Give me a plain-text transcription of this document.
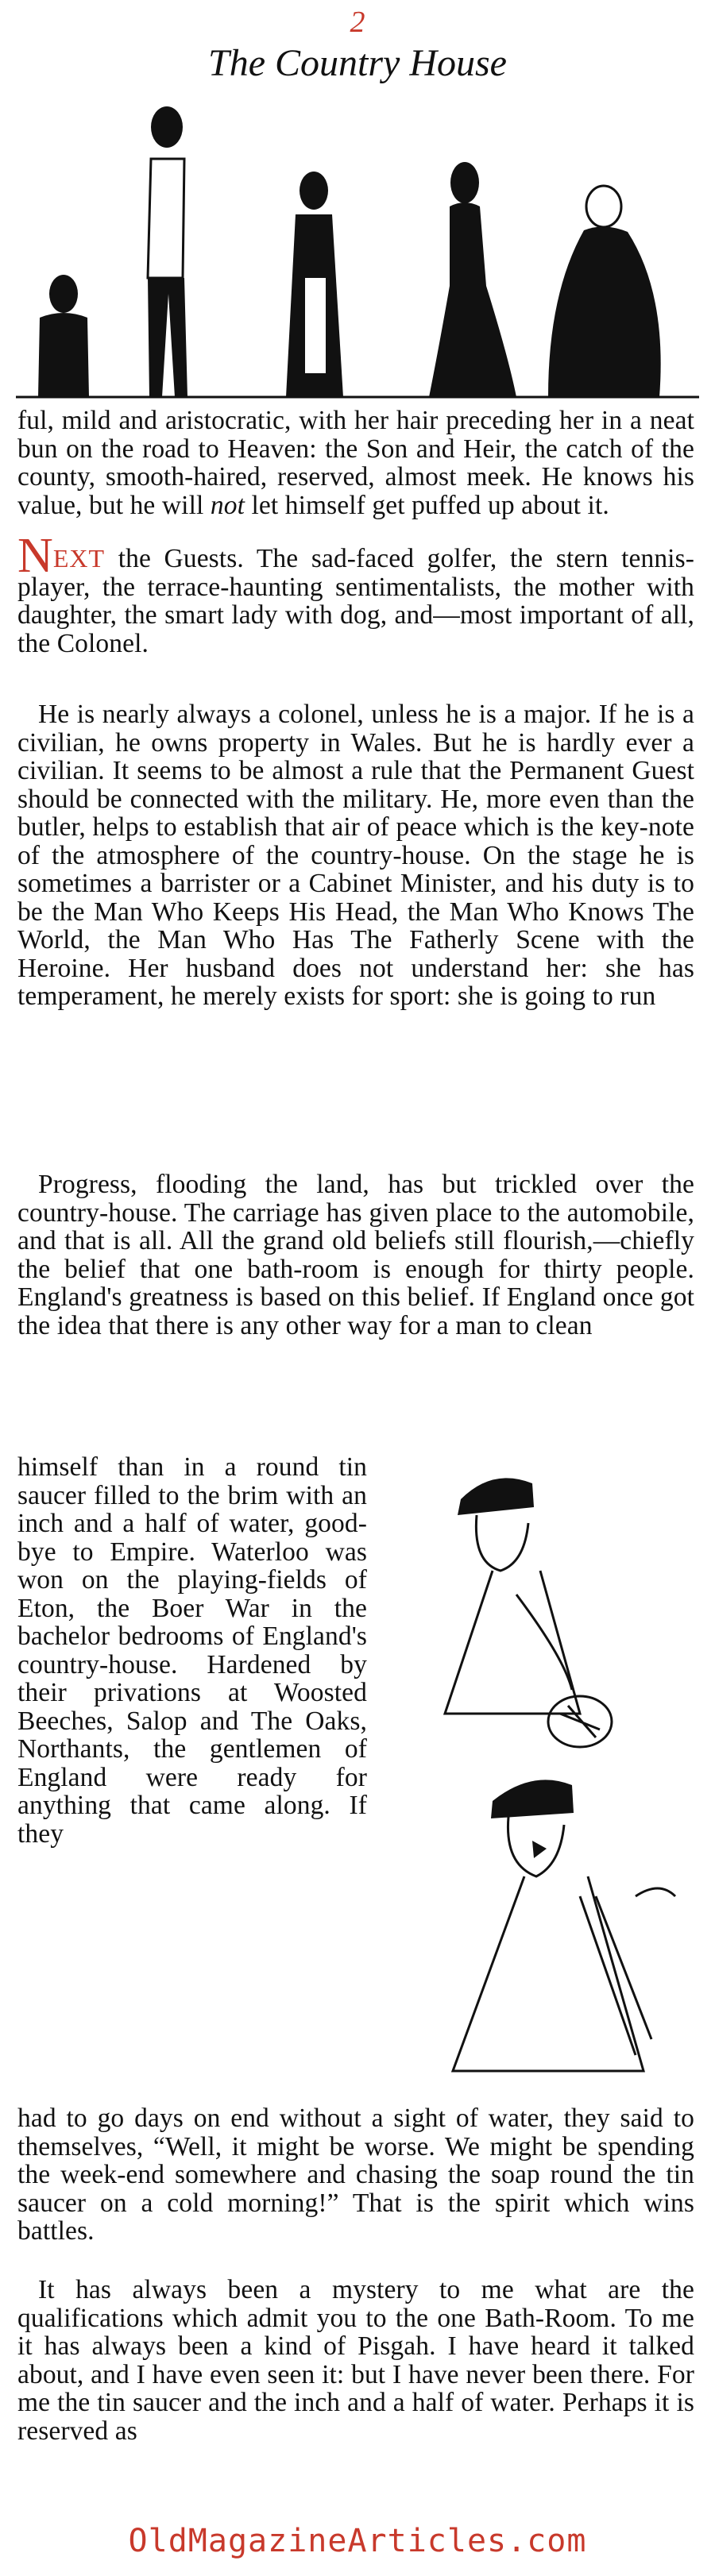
2
The Country House

ful, mild and aristocratic, with her hair preceding her in a neat bun on the road to Heaven: the Son and Heir, the catch of the county, smooth-haired, reserved, almost meek. He knows his value, but he will not let himself get puffed up about it.

NEXT the Guests. The sad-faced golfer, the stern tennis-player, the terrace-haunting sentimentalists, the mother with daughter, the smart lady with dog, and—most important of all, the Colonel.

He is nearly always a colonel, unless he is a major. If he is a civilian, he owns property in Wales. But he is hardly ever a civilian. It seems to be almost a rule that the Permanent Guest should be connected with the military. He, more even than the butler, helps to establish that air of peace which is the key-note of the atmosphere of the country-house. On the stage he is sometimes a barrister or a Cabinet Minister, and his duty is to be the Man Who Keeps His Head, the Man Who Knows The World, the Man Who Has The Fatherly Scene with the Heroine. Her husband does not understand her: she has temperament, he merely exists for sport: she is going to run

Progress, flooding the land, has but trickled over the country-house. The carriage has given place to the automobile, and that is all. All the grand old beliefs still flourish,—chiefly the belief that one bath-room is enough for thirty people. England's greatness is based on this belief. If England once got the idea that there is any other way for a man to clean

himself than in a round tin saucer filled to the brim with an inch and a half of water, good-bye to Empire. Waterloo was won on the playing-fields of Eton, the Boer War in the bachelor bedrooms of England's country-house. Hardened by their privations at Woosted Beeches, Salop and The Oaks, Northants, the gentlemen of England were ready for anything that came along. If they

had to go days on end without a sight of water, they said to themselves, “Well, it might be worse. We might be spending the week-end somewhere and chasing the soap round the tin saucer on a cold morning!” That is the spirit which wins battles.

It has always been a mystery to me what are the qualifications which admit you to the one Bath-Room. To me it has always been a kind of Pisgah. I have heard it talked about, and I have even seen it: but I have never been there. For me the tin saucer and the inch and a half of water. Perhaps it is reserved as

OldMagazineArticles.com
